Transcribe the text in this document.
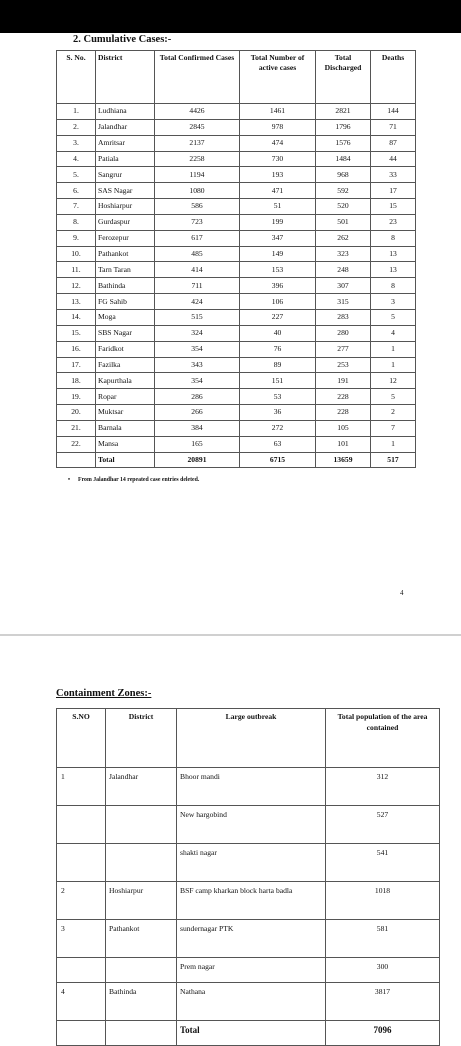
2. Cumulative Cases:-
S. No.	District	Total Confirmed Cases	Total Number of active cases	Total Discharged	Deaths
1.	Ludhiana	4426	1461	2821	144
2.	Jalandhar	2845	978	1796	71
3.	Amritsar	2137	474	1576	87
4.	Patiala	2258	730	1484	44
5.	Sangrur	1194	193	968	33
6.	SAS Nagar	1080	471	592	17
7.	Hoshiarpur	586	51	520	15
8.	Gurdaspur	723	199	501	23
9.	Ferozepur	617	347	262	8
10.	Pathankot	485	149	323	13
11.	Tarn Taran	414	153	248	13
12.	Bathinda	711	396	307	8
13.	FG Sahib	424	106	315	3
14.	Moga	515	227	283	5
15.	SBS Nagar	324	40	280	4
16.	Faridkot	354	76	277	1
17.	Fazilka	343	89	253	1
18.	Kapurthala	354	151	191	12
19.	Ropar	286	53	228	5
20.	Muktsar	266	36	228	2
21.	Barnala	384	272	105	7
22.	Mansa	165	63	101	1
	Total	20891	6715	13659	517
• From Jalandhar 14 repeated case entries deleted.
4
Containment Zones:-
S.NO	District	Large outbreak	Total population of the area contained
1	Jalandhar	Bhoor mandi	312
		New hargobind	527
		shakti nagar	541
2	Hoshiarpur	BSF camp kharkan block harta badla	1018
3	Pathankot	sundernagar PTK	581
		Prem nagar	300
4	Bathinda	Nathana	3817
		Total	7096
